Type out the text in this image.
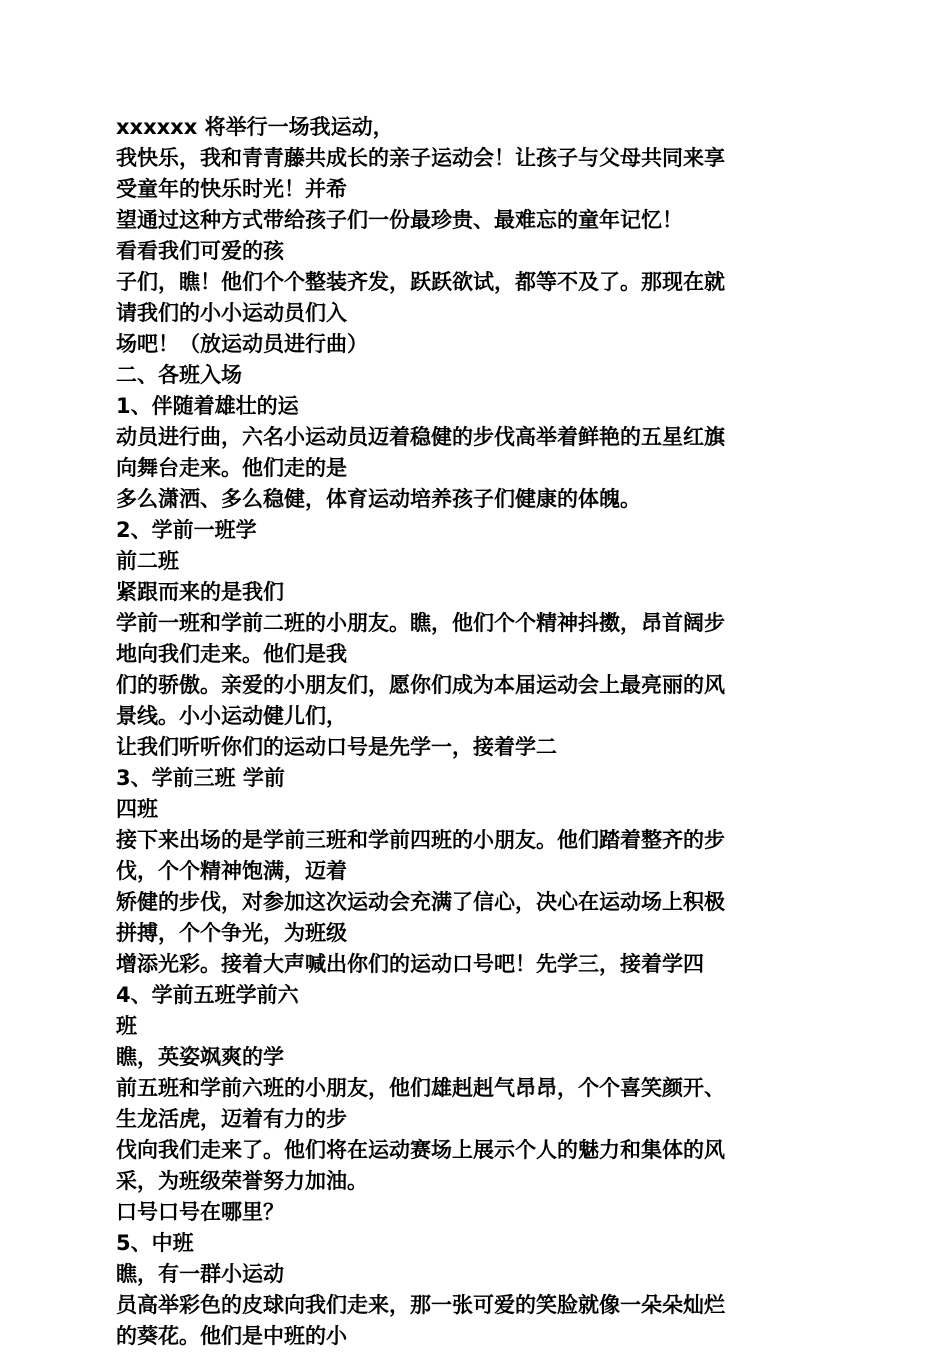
xxxxxx 将举行一场我运动，

我快乐，我和青青藤共成长的亲子运动会！让孩子与父母共同来享

受童年的快乐时光！并希

望通过这种方式带给孩子们一份最珍贵、最难忘的童年记忆！

看看我们可爱的孩

子们，瞧！他们个个整装齐发，跃跃欲试，都等不及了。那现在就

请我们的小小运动员们入

场吧！（放运动员进行曲）

二、各班入场

1、伴随着雄壮的运

动员进行曲，六名小运动员迈着稳健的步伐高举着鲜艳的五星红旗

向舞台走来。他们走的是

多么潇洒、多么稳健，体育运动培养孩子们健康的体魄。

2、学前一班学

前二班

紧跟而来的是我们

学前一班和学前二班的小朋友。瞧，他们个个精神抖擞，昂首阔步

地向我们走来。他们是我

们的骄傲。亲爱的小朋友们，愿你们成为本届运动会上最亮丽的风

景线。小小运动健儿们，

让我们听听你们的运动口号是先学一，接着学二

3、学前三班 学前

四班

接下来出场的是学前三班和学前四班的小朋友。他们踏着整齐的步

伐，个个精神饱满，迈着

矫健的步伐，对参加这次运动会充满了信心，决心在运动场上积极

拼搏，个个争光，为班级

增添光彩。接着大声喊出你们的运动口号吧！先学三，接着学四

4、学前五班学前六

班

瞧，英姿飒爽的学

前五班和学前六班的小朋友，他们雄赳赳气昂昂，个个喜笑颜开、

生龙活虎，迈着有力的步

伐向我们走来了。他们将在运动赛场上展示个人的魅力和集体的风

采，为班级荣誉努力加油。

口号口号在哪里？

5、中班

瞧，有一群小运动

员高举彩色的皮球向我们走来，那一张可爱的笑脸就像一朵朵灿烂

的葵花。他们是中班的小
